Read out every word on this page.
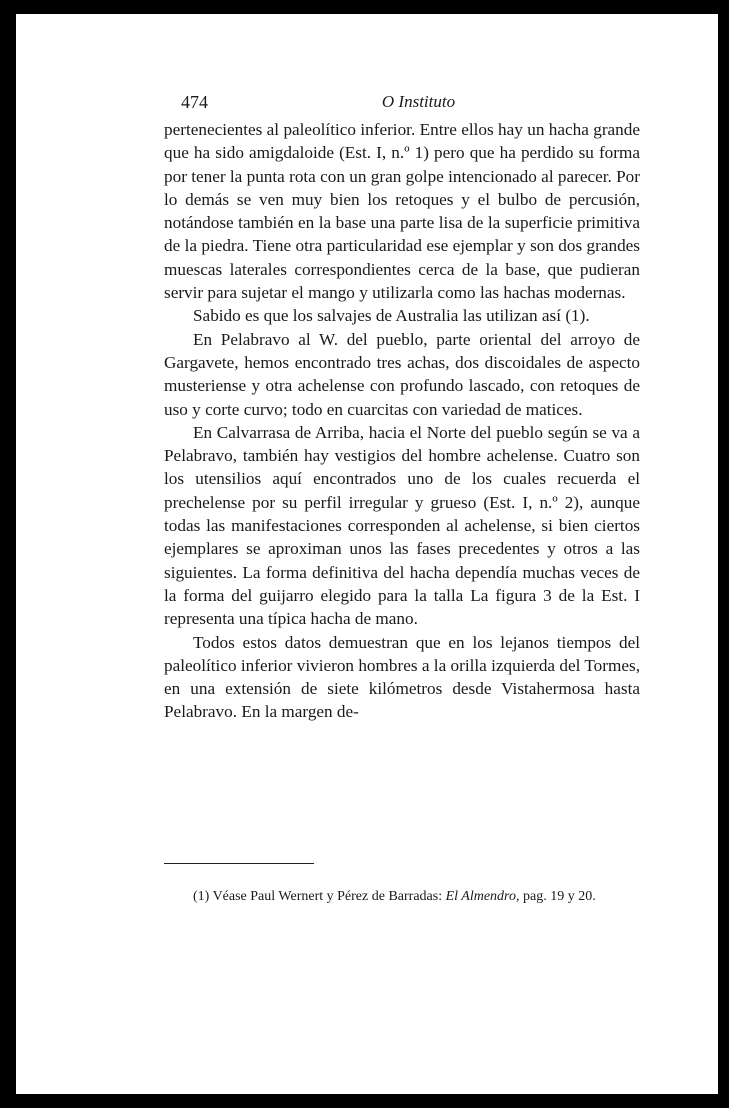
474	O Instituto

pertenecientes al paleolítico inferior. Entre ellos hay un hacha grande que ha sido amigdaloide (Est. I, n.º 1) pero que ha perdido su forma por tener la punta rota con un gran golpe intencionado al parecer. Por lo demás se ven muy bien los retoques y el bulbo de percusión, notándose también en la base una parte lisa de la superficie primitiva de la piedra. Tiene otra particularidad ese ejemplar y son dos grandes muescas laterales correspondientes cerca de la base, que pudieran servir para sujetar el mango y utilizarla como las hachas modernas.

Sabido es que los salvajes de Australia las utilizan así (1).

En Pelabravo al W. del pueblo, parte oriental del arroyo de Gargavete, hemos encontrado tres achas, dos discoidales de aspecto musteriense y otra achelense con profundo lascado, con retoques de uso y corte curvo; todo en cuarcitas con variedad de matices.

En Calvarrasa de Arriba, hacia el Norte del pueblo según se va a Pelabravo, también hay vestigios del hombre achelense. Cuatro son los utensilios aquí encontrados uno de los cuales recuerda el prechelense por su perfil irregular y grueso (Est. I, n.º 2), aunque todas las manifestaciones corresponden al achelense, si bien ciertos ejemplares se aproximan unos las fases precedentes y otros a las siguientes. La forma definitiva del hacha dependía muchas veces de la forma del guijarro elegido para la talla La figura 3 de la Est. I representa una típica hacha de mano.

Todos estos datos demuestran que en los lejanos tiempos del paleolítico inferior vivieron hombres a la orilla izquierda del Tormes, en una extensión de siete kilómetros desde Vistahermosa hasta Pelabravo. En la margen de-

(1) Véase Paul Wernert y Pérez de Barradas: El Almendro, pag. 19 y 20.
